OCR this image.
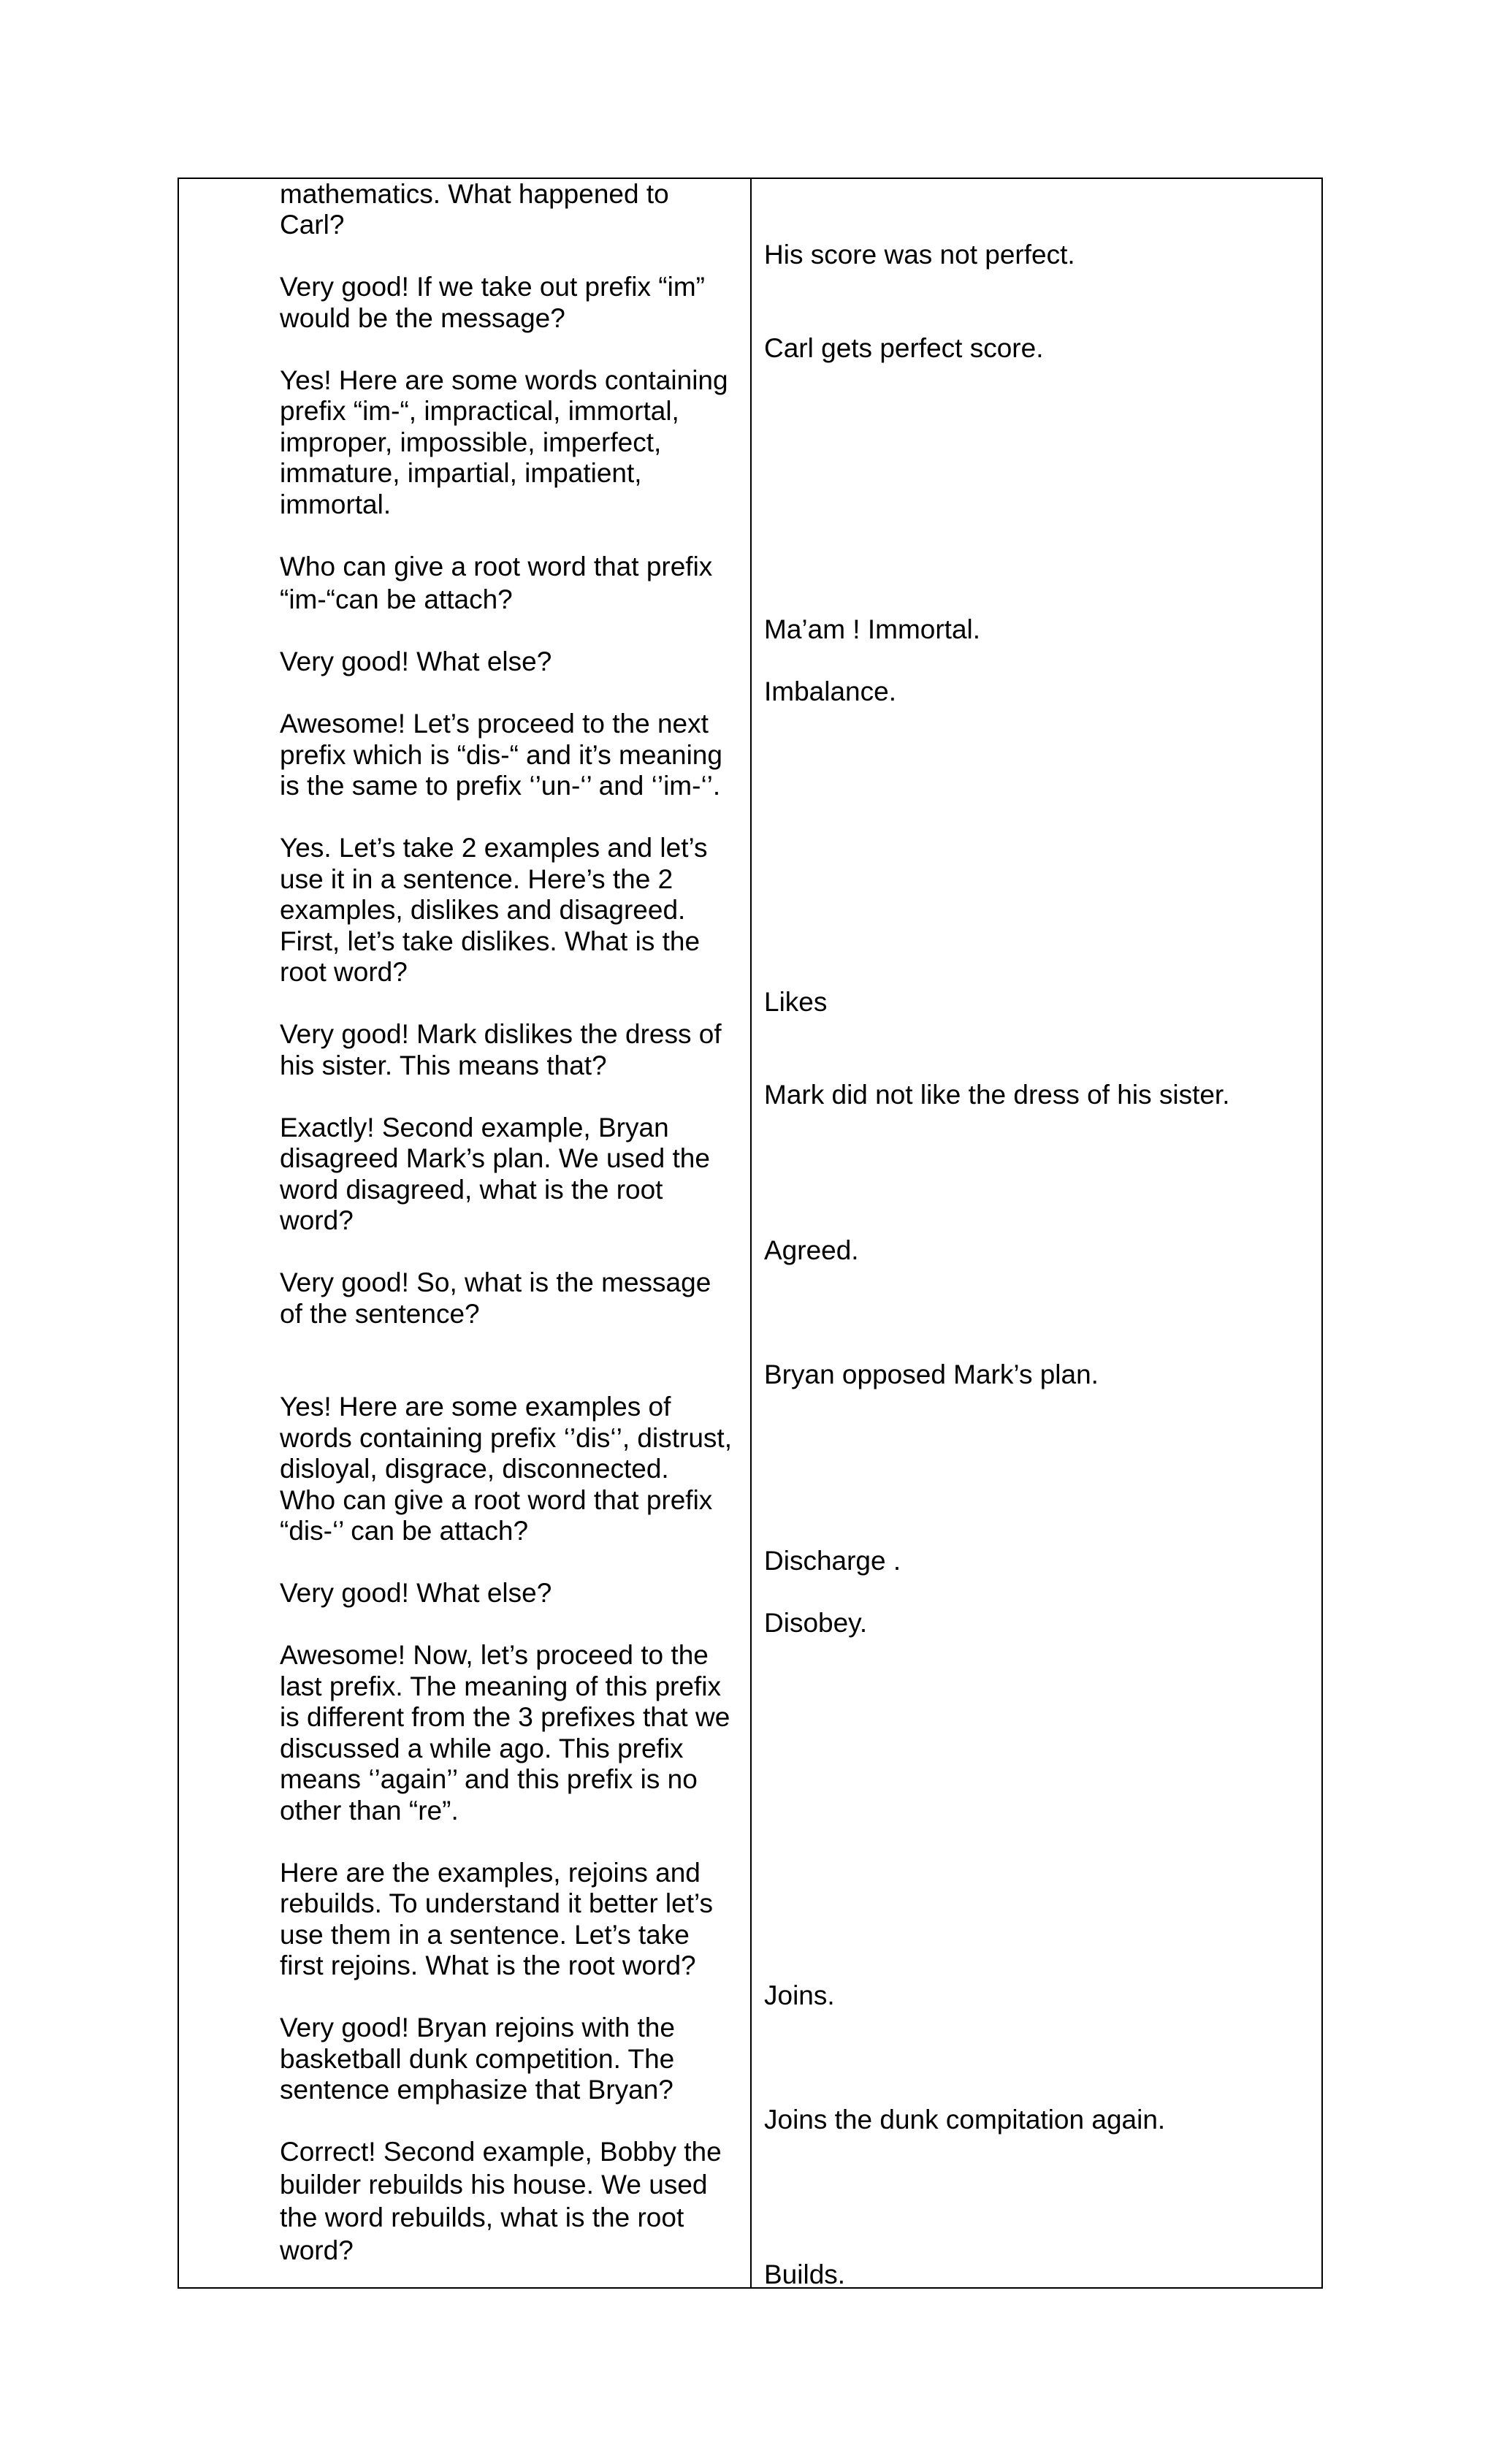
mathematics. What happened to

Carl?

Very good! If we take out prefix “im”

would be the message?

Yes! Here are some words containing

prefix “im-“, impractical, immortal,

improper, impossible, imperfect,

immature, impartial, impatient,

immortal.

Who can give a root word that prefix

“im-“can be attach?

Very good! What else?

Awesome! Let’s proceed to the next

prefix which is “dis-“ and it’s meaning

is the same to prefix ‘’un-‘’ and ‘’im-‘’.

Yes. Let’s take 2 examples and let’s

use it in a sentence. Here’s the 2

examples, dislikes and disagreed.

First, let’s take dislikes. What is the

root word?

Very good! Mark dislikes the dress of

his sister. This means that?

Exactly! Second example, Bryan

disagreed Mark’s plan. We used the

word disagreed, what is the root

word?

Very good! So, what is the message

of the sentence?

Yes! Here are some examples of

words containing prefix ‘’dis‘’, distrust,

disloyal, disgrace, disconnected.

Who can give a root word that prefix

“dis-‘’ can be attach?

Very good! What else?

Awesome! Now, let’s proceed to the

last prefix. The meaning of this prefix

is different from the 3 prefixes that we

discussed a while ago. This prefix

means ‘’again’’ and this prefix is no

other than “re”.

Here are the examples, rejoins and

rebuilds. To understand it better let’s

use them in a sentence. Let’s take

first rejoins. What is the root word?

Very good! Bryan rejoins with the

basketball dunk competition. The

sentence emphasize that Bryan?

Correct! Second example, Bobby the

builder rebuilds his house. We used

the word rebuilds, what is the root

word?

His score was not perfect.

Carl gets perfect score.

Ma’am ! Immortal.

Imbalance.

Likes

Mark did not like the dress of his sister.

Agreed.

Bryan opposed Mark’s plan.

Discharge .

Disobey.

Joins.

Joins the dunk compitation again.

Builds.
